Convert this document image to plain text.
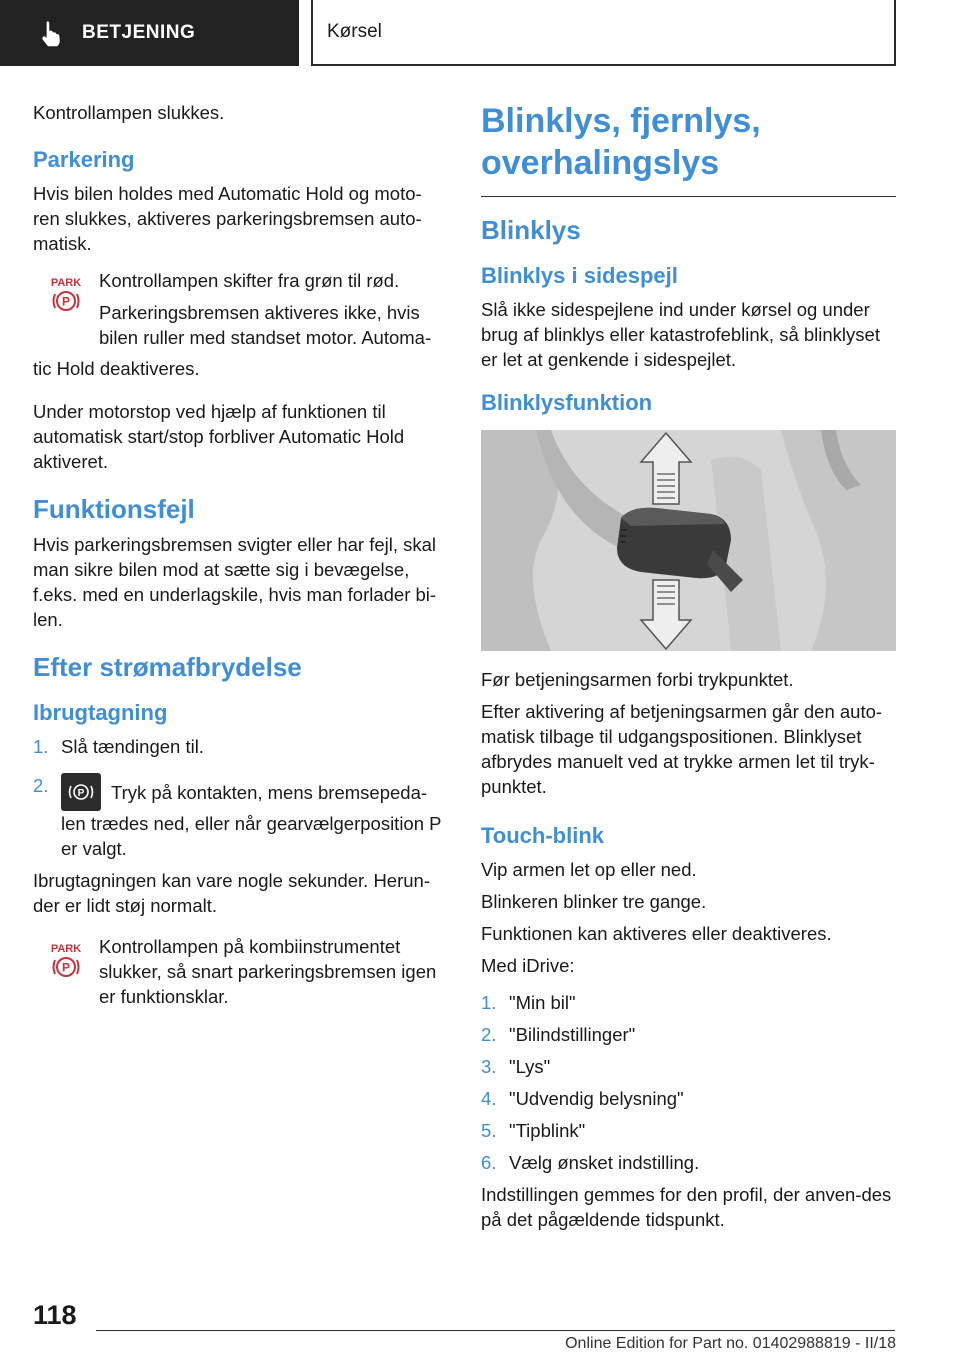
BETJENING	Kørsel

Kontrollampen slukkes.

Parkering

Hvis bilen holdes med Automatic Hold og moto-ren slukkes, aktiveres parkeringsbremsen auto-matisk.

PARK
P

Kontrollampen skifter fra grøn til rød.

Parkeringsbremsen aktiveres ikke, hvis bilen ruller med standset motor. Automa-

tic Hold deaktiveres.

Under motorstop ved hjælp af funktionen til automatisk start/stop forbliver Automatic Hold aktiveret.

Funktionsfejl

Hvis parkeringsbremsen svigter eller har fejl, skal man sikre bilen mod at sætte sig i bevægelse, f.eks. med en underlagskile, hvis man forlader bi-len.

Efter strømafbrydelse
Ibrugtagning
1. Slå tændingen til.
2.	P Tryk på kontakten, mens bremsepeda-len trædes ned, eller når gearvælgerposition P er valgt.

Ibrugtagningen kan vare nogle sekunder. Herun-der er lidt støj normalt.

PARK
P

Kontrollampen på kombiinstrumentet slukker, så snart parkeringsbremsen igen er funktionsklar.

Blinklys, fjernlys,
overhalingslys
Blinklys
Blinklys i sidespejl

Slå ikke sidespejlene ind under kørsel og under brug af blinklys eller katastrofeblink, så blinklyset er let at genkende i sidespejlet.

Blinklysfunktion

Før betjeningsarmen forbi trykpunktet.

Efter aktivering af betjeningsarmen går den auto-matisk tilbage til udgangspositionen. Blinklyset afbrydes manuelt ved at trykke armen let til tryk-punktet.

Touch-blink

Vip armen let op eller ned.

Blinkeren blinker tre gange.

Funktionen kan aktiveres eller deaktiveres.

Med iDrive:

1. "Min bil"
2. "Bilindstillinger"
3. "Lys"
4. "Udvendig belysning"
5. "Tipblink"
6. Vælg ønsket indstilling.

Indstillingen gemmes for den profil, der anven-des på det pågældende tidspunkt.

118
Online Edition for Part no. 01402988819 - II/18
